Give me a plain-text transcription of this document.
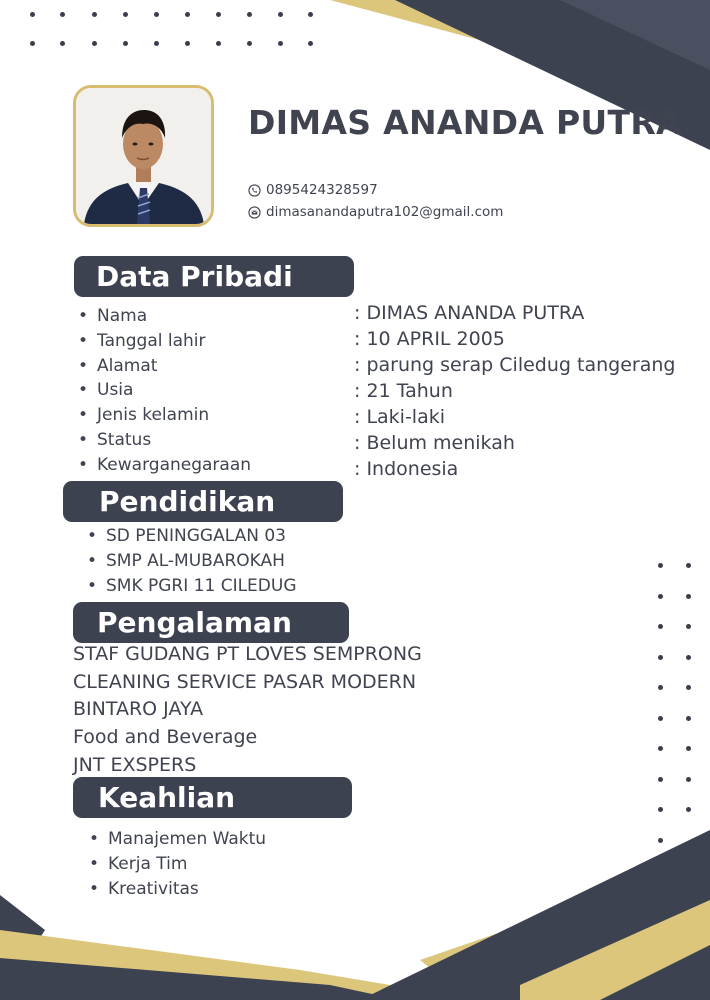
DIMAS ANANDA PUTRA
0895424328597
dimasanandaputra102@gmail.com
Data Pribadi
• Nama
• Tanggal lahir
• Alamat
• Usia
• Jenis kelamin
• Status
• Kewarganegaraan
: DIMAS ANANDA PUTRA
: 10 APRIL 2005
: parung serap Ciledug tangerang
: 21 Tahun
: Laki-laki
: Belum menikah
: Indonesia
Pendidikan
• SD PENINGGALAN 03
• SMP AL-MUBAROKAH
• SMK PGRI 11 CILEDUG
Pengalaman
STAF GUDANG PT LOVES SEMPRONG
CLEANING SERVICE PASAR MODERN
BINTARO JAYA
Food and Beverage
JNT EXSPERS
Keahlian
• Manajemen Waktu
• Kerja Tim
• Kreativitas
